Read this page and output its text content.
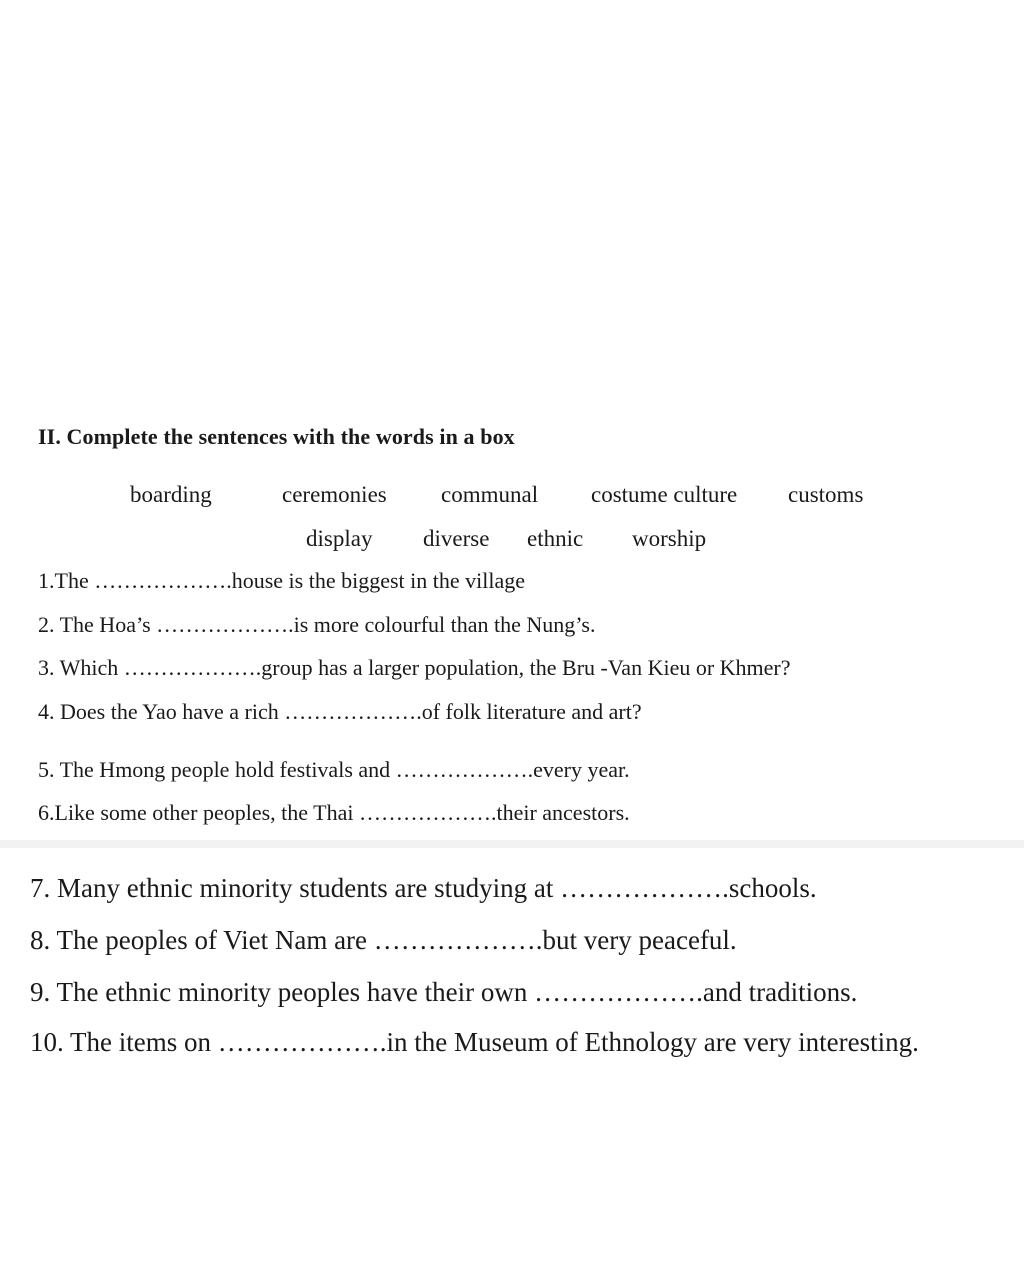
II. Complete the sentences with the words in a box

boarding	ceremonies communal costume culture customs
display diverse ethnic worship

1.The ……………….house is the biggest in the village

2. The Hoa’s ……………….is more colourful than the Nung’s.

3. Which ……………….group has a larger population, the Bru -Van Kieu or Khmer?

4. Does the Yao have a rich ……………….of folk literature and art?

5. The Hmong people hold festivals and ……………….every year.

6.Like some other peoples, the Thai ……………….their ancestors.

7. Many ethnic minority students are studying at ……………….schools.

8. The peoples of Viet Nam are ……………….but very peaceful.

9. The ethnic minority peoples have their own ……………….and traditions.

10. The items on ……………….in the Museum of Ethnology are very interesting.
